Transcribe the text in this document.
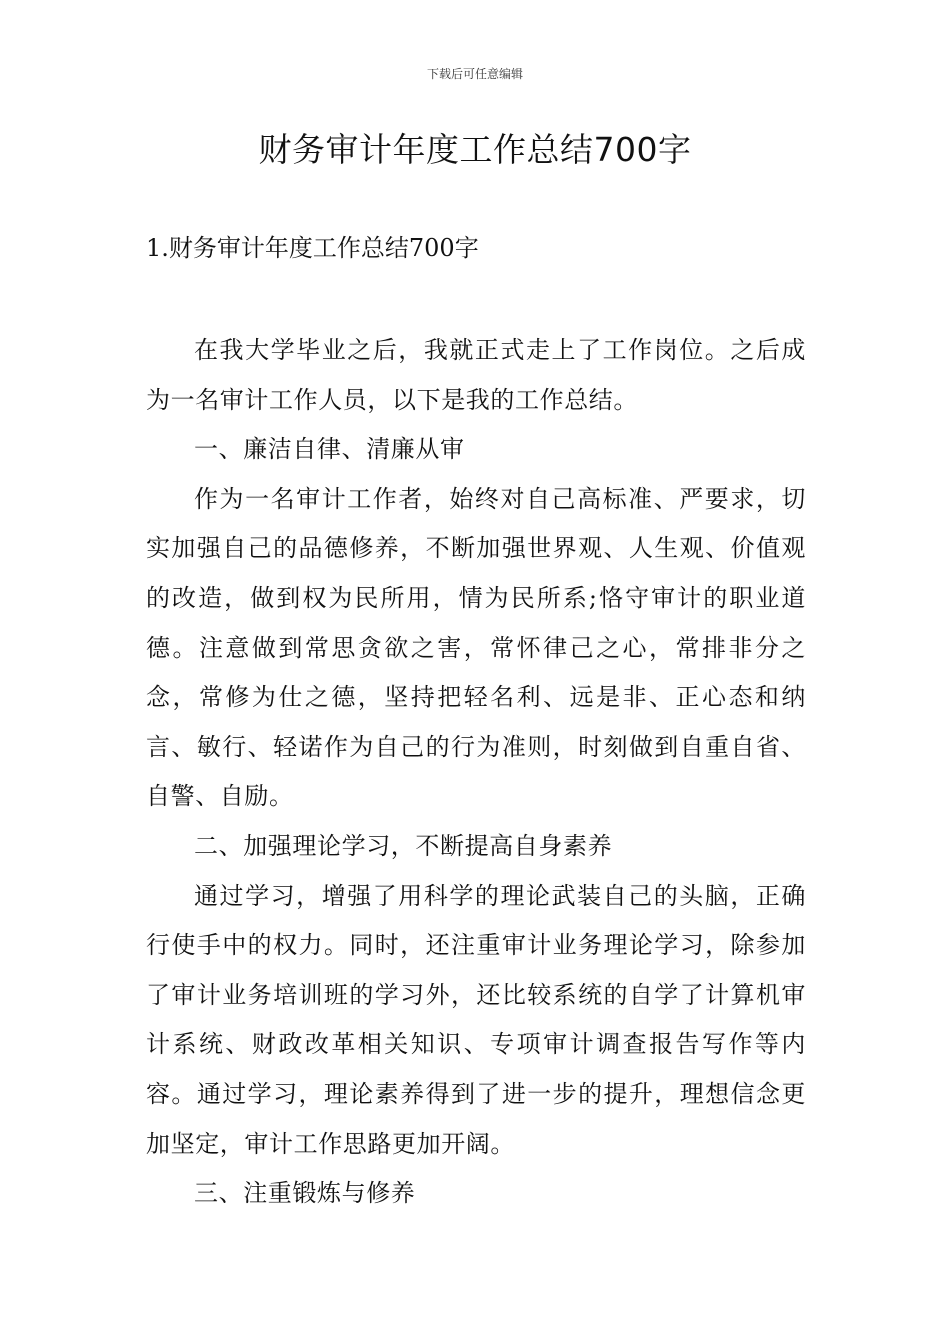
下载后可任意编辑
财务审计年度工作总结700字
1.财务审计年度工作总结700字

在我大学毕业之后，我就正式走上了工作岗位。之后成为一名审计工作人员，以下是我的工作总结。

一、廉洁自律、清廉从审

作为一名审计工作者，始终对自己高标准、严要求，切实加强自己的品德修养，不断加强世界观、人生观、价值观的改造，做到权为民所用，情为民所系;恪守审计的职业道德。注意做到常思贪欲之害，常怀律己之心，常排非分之念，常修为仕之德，坚持把轻名利、远是非、正心态和纳言、敏行、轻诺作为自己的行为准则，时刻做到自重自省、自警、自励。

二、加强理论学习，不断提高自身素养

通过学习，增强了用科学的理论武装自己的头脑，正确行使手中的权力。同时，还注重审计业务理论学习，除参加了审计业务培训班的学习外，还比较系统的自学了计算机审计系统、财政改革相关知识、专项审计调查报告写作等内容。通过学习，理论素养得到了进一步的提升，理想信念更加坚定，审计工作思路更加开阔。

三、注重锻炼与修养
